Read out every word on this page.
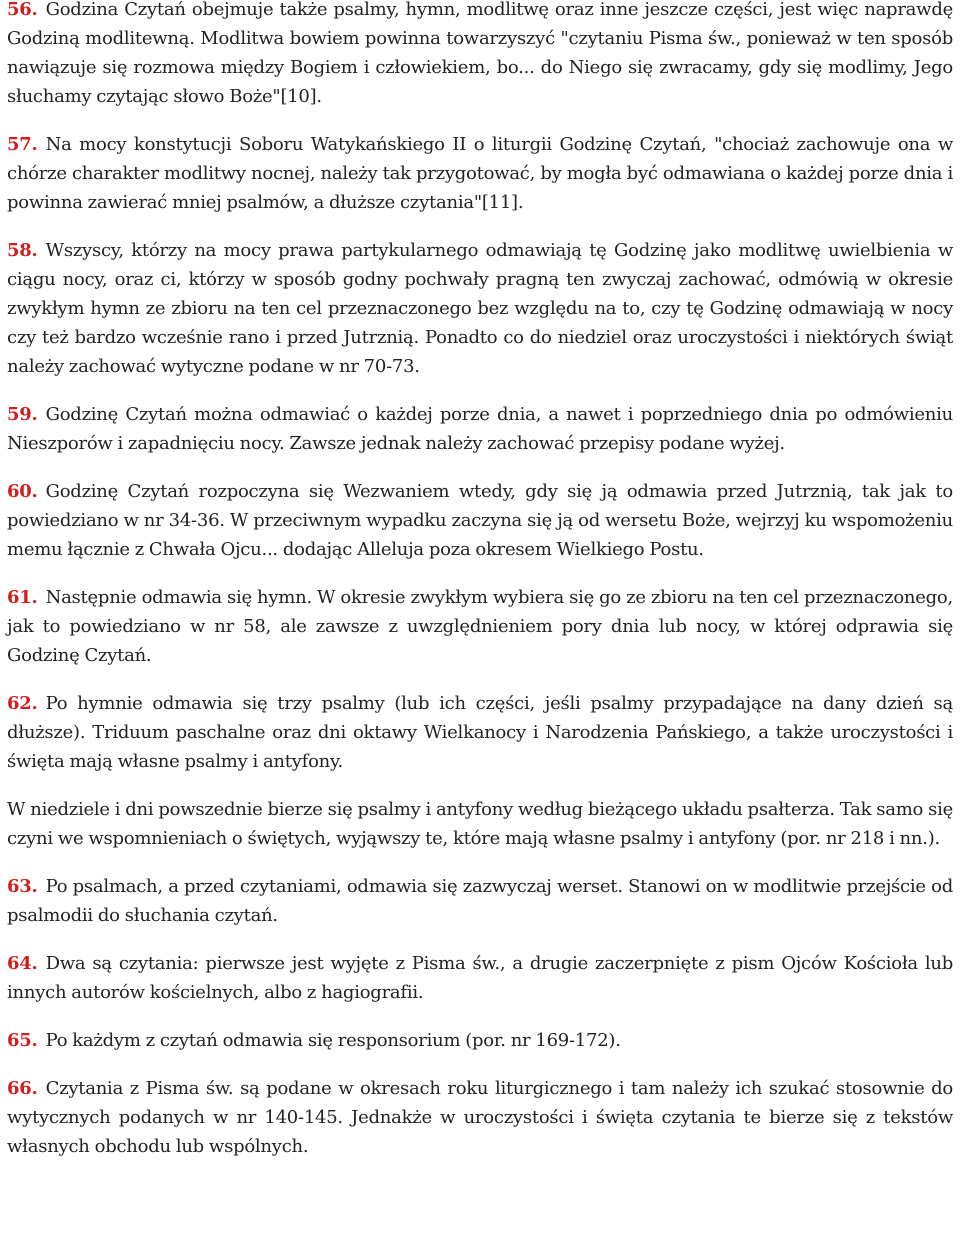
56. Godzina Czytań obejmuje także psalmy, hymn, modlitwę oraz inne jeszcze części, jest więc naprawdę Godziną modlitewną. Modlitwa bowiem powinna towarzyszyć "czytaniu Pisma św., ponieważ w ten sposób nawiązuje się rozmowa między Bogiem i człowiekiem, bo... do Niego się zwracamy, gdy się modlimy, Jego słuchamy czytając słowo Boże"[10].

57. Na mocy konstytucji Soboru Watykańskiego II o liturgii Godzinę Czytań, "chociaż zachowuje ona w chórze charakter modlitwy nocnej, należy tak przygotować, by mogła być odmawiana o każdej porze dnia i powinna zawierać mniej psalmów, a dłuższe czytania"[11].

58. Wszyscy, którzy na mocy prawa partykularnego odmawiają tę Godzinę jako modlitwę uwielbienia w ciągu nocy, oraz ci, którzy w sposób godny pochwały pragną ten zwyczaj zachować, odmówią w okresie zwykłym hymn ze zbioru na ten cel przeznaczonego bez względu na to, czy tę Godzinę odmawiają w nocy czy też bardzo wcześnie rano i przed Jutrznią. Ponadto co do niedziel oraz uroczystości i niektórych świąt należy zachować wytyczne podane w nr 70-73.

59. Godzinę Czytań można odmawiać o każdej porze dnia, a nawet i poprzedniego dnia po odmówieniu Nieszporów i zapadnięciu nocy. Zawsze jednak należy zachować przepisy podane wyżej.

60. Godzinę Czytań rozpoczyna się Wezwaniem wtedy, gdy się ją odmawia przed Jutrznią, tak jak to powiedziano w nr 34-36. W przeciwnym wypadku zaczyna się ją od wersetu Boże, wejrzyj ku wspomożeniu memu łącznie z Chwała Ojcu... dodając Alleluja poza okresem Wielkiego Postu.

61. Następnie odmawia się hymn. W okresie zwykłym wybiera się go ze zbioru na ten cel przeznaczonego, jak to powiedziano w nr 58, ale zawsze z uwzględnieniem pory dnia lub nocy, w której odprawia się Godzinę Czytań.

62. Po hymnie odmawia się trzy psalmy (lub ich części, jeśli psalmy przypadające na dany dzień są dłuższe). Triduum paschalne oraz dni oktawy Wielkanocy i Narodzenia Pańskiego, a także uroczystości i święta mają własne psalmy i antyfony.

W niedziele i dni powszednie bierze się psalmy i antyfony według bieżącego układu psałterza. Tak samo się czyni we wspomnieniach o świętych, wyjąwszy te, które mają własne psalmy i antyfony (por. nr 218 i nn.).

63. Po psalmach, a przed czytaniami, odmawia się zazwyczaj werset. Stanowi on w modlitwie przejście od psalmodii do słuchania czytań.

64. Dwa są czytania: pierwsze jest wyjęte z Pisma św., a drugie zaczerpnięte z pism Ojców Kościoła lub innych autorów kościelnych, albo z hagiografii.

65. Po każdym z czytań odmawia się responsorium (por. nr 169-172).

66. Czytania z Pisma św. są podane w okresach roku liturgicznego i tam należy ich szukać stosownie do wytycznych podanych w nr 140-145. Jednakże w uroczystości i święta czytania te bierze się z tekstów własnych obchodu lub wspólnych.
